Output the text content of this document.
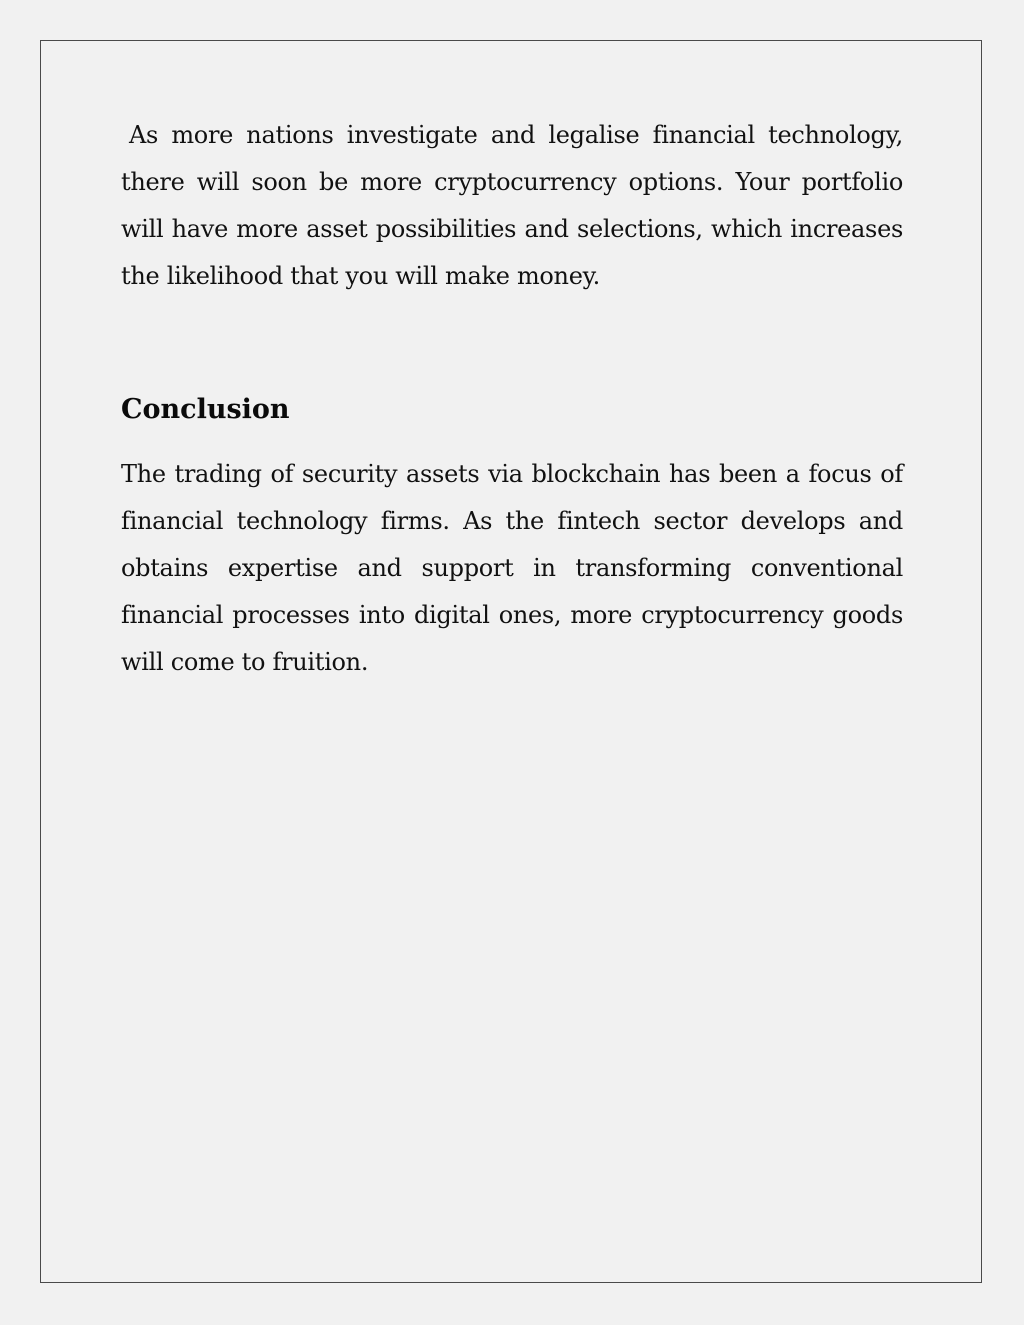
As more nations investigate and legalise financial technology, there will soon be more cryptocurrency options. Your portfolio will have more asset possibilities and selections, which increases the likelihood that you will make money.

Conclusion

The trading of security assets via blockchain has been a focus of financial technology firms. As the fintech sector develops and obtains expertise and support in transforming conventional financial processes into digital ones, more cryptocurrency goods will come to fruition.
